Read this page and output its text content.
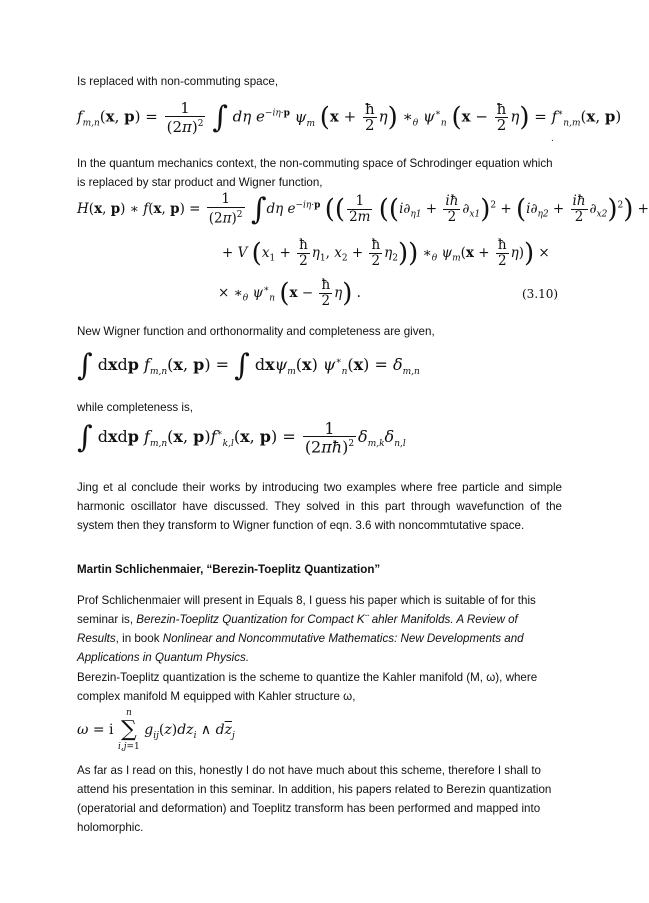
Is replaced with non-commuting space,
$f_{m,n}(x$, $p) = \frac{1}{(2\pi)^2}$ ∫ dη $e^{-i\eta\cdot p}$ $\psi_m$ $(x + \frac{ħ}{2} \eta)$ $∗_\theta$ $\psi^∗_n$ $(x - \frac{ħ}{2} \eta) = f^∗_{n,m}(x$, p)
.
In the quantum mechanics context, the non-commuting space of Schrodinger equation which is replaced by star product and Wigner function,
H(x, p) ∗ f(x, $p) = \frac{1}{(2\pi)^2} \int d\eta$ $e^{-i\eta\cdot p}$ (( $\frac{1}{2m} ((i\partial_{\eta 1} + \frac{iħ}{2} \partial_{x1})^2 + (i\partial_{\eta 2} + \frac{iħ}{2} \partial_{x2})^2)$ +
+ V ($x_1 + \frac{ħ}{2} \eta_1$, $x_2 + \frac{ħ}{2} \eta_2$)) $∗_\theta$ $\psi_m(x + \frac{ħ}{2} \eta)$) ×
× $∗_\theta$ $\psi^∗_n$ $(x - \frac{ħ}{2} \eta)$ .	(3.10)
New Wigner function and orthonormality and completeness are given,
∫ dxdp $f_{m,n}(x$, p) = ∫ dxψ$_m$(x) $\psi^∗_n(x) = \delta_{m,n}$
while completeness is,
∫ dxdp $f_{m,n}(x$, $p)f^∗_{k,l}(x$, $p) = \frac{1}{(2\pi ħ)^2} \delta_{m,k}\delta_{n,l}$
Jing et al conclude their works by introducing two examples where free particle and simple harmonic oscillator have discussed. They solved in this part through wavefunction of the system then they transform to Wigner function of eqn. 3.6 with noncommtutative space.
Martin Schlichenmaier, “Berezin-Toeplitz Quantization”
Prof Schlichenmaier will present in Equals 8, I guess his paper which is suitable of for this seminar is, Berezin-Toeplitz Quantization for Compact K¨ ahler Manifolds. A Review of Results, in book Nonlinear and Noncommutative Mathematics: New Developments and Applications in Quantum Physics.
Berezin-Toeplitz quantization is the scheme to quantize the Kahler manifold (M, ω), where complex manifold M equipped with Kahler structure ω,
ω = i
n
∑
i,j=1
$g_{ij}(z)dz_i$ ∧ $d\overline{z}_j$
As far as I read on this, honestly I do not have much about this scheme, therefore I shall to attend his presentation in this seminar. In addition, his papers related to Berezin quantization (operatorial and deformation) and Toeplitz transform has been performed and mapped into holomorphic.
